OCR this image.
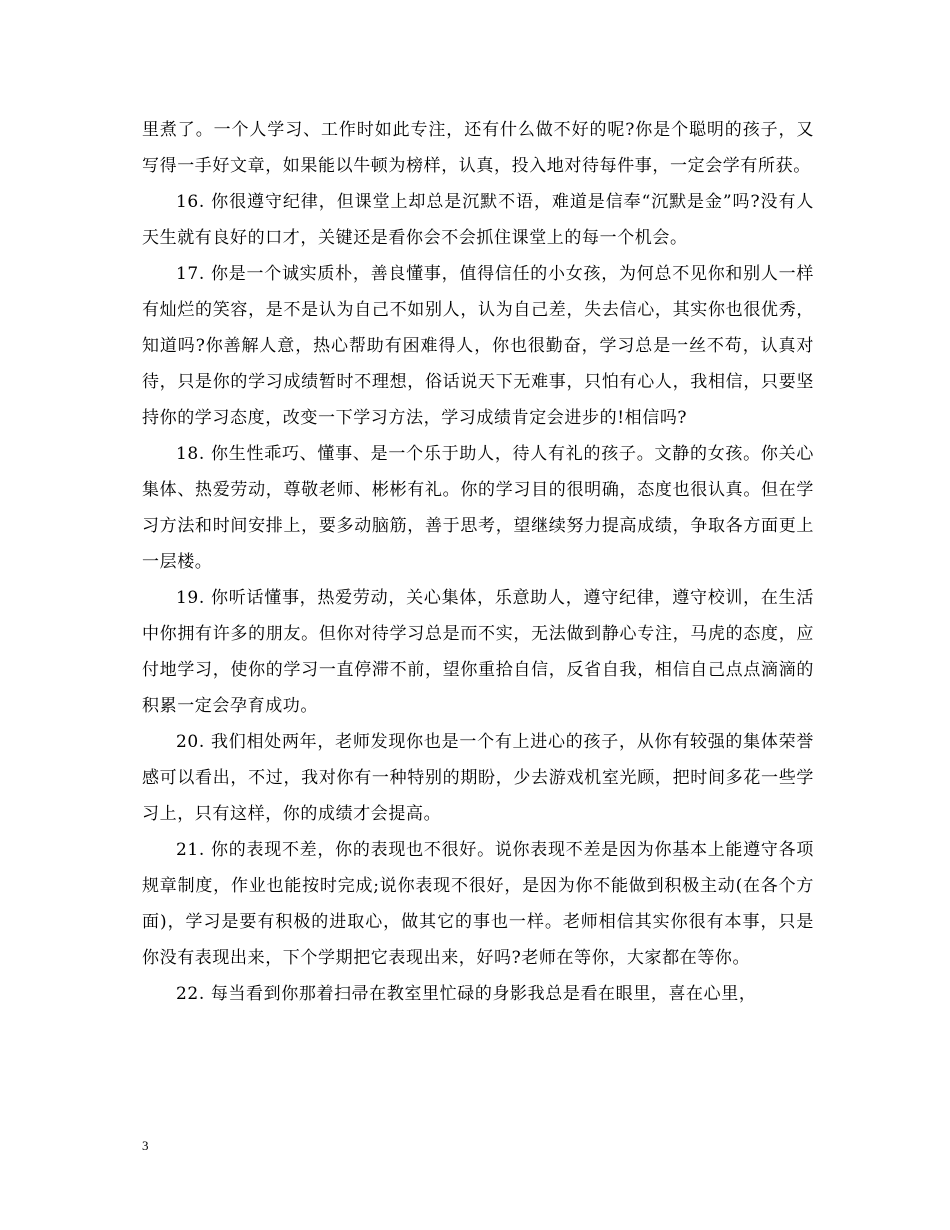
里煮了。一个人学习、工作时如此专注，还有什么做不好的呢?你是个聪明的孩子，又写得一手好文章，如果能以牛顿为榜样，认真，投入地对待每件事，一定会学有所获。

16. 你很遵守纪律，但课堂上却总是沉默不语，难道是信奉“沉默是金”吗?没有人天生就有良好的口才，关键还是看你会不会抓住课堂上的每一个机会。

17. 你是一个诚实质朴，善良懂事，值得信任的小女孩，为何总不见你和别人一样有灿烂的笑容，是不是认为自己不如别人，认为自己差，失去信心，其实你也很优秀，知道吗?你善解人意，热心帮助有困难得人，你也很勤奋，学习总是一丝不苟，认真对待，只是你的学习成绩暂时不理想，俗话说天下无难事，只怕有心人，我相信，只要坚持你的学习态度，改变一下学习方法，学习成绩肯定会进步的!相信吗?

18. 你生性乖巧、懂事、是一个乐于助人，待人有礼的孩子。文静的女孩。你关心集体、热爱劳动，尊敬老师、彬彬有礼。你的学习目的很明确，态度也很认真。但在学习方法和时间安排上，要多动脑筋，善于思考，望继续努力提高成绩，争取各方面更上一层楼。

19. 你听话懂事，热爱劳动，关心集体，乐意助人，遵守纪律，遵守校训，在生活中你拥有许多的朋友。但你对待学习总是而不实，无法做到静心专注，马虎的态度，应付地学习，使你的学习一直停滞不前，望你重拾自信，反省自我，相信自己点点滴滴的积累一定会孕育成功。

20. 我们相处两年，老师发现你也是一个有上进心的孩子，从你有较强的集体荣誉感可以看出，不过，我对你有一种特别的期盼，少去游戏机室光顾，把时间多花一些学习上，只有这样，你的成绩才会提高。

21. 你的表现不差，你的表现也不很好。说你表现不差是因为你基本上能遵守各项规章制度，作业也能按时完成;说你表现不很好，是因为你不能做到积极主动(在各个方面)，学习是要有积极的进取心，做其它的事也一样。老师相信其实你很有本事，只是你没有表现出来，下个学期把它表现出来，好吗?老师在等你，大家都在等你。

22. 每当看到你那着扫帚在教室里忙碌的身影我总是看在眼里，喜在心里，

3
